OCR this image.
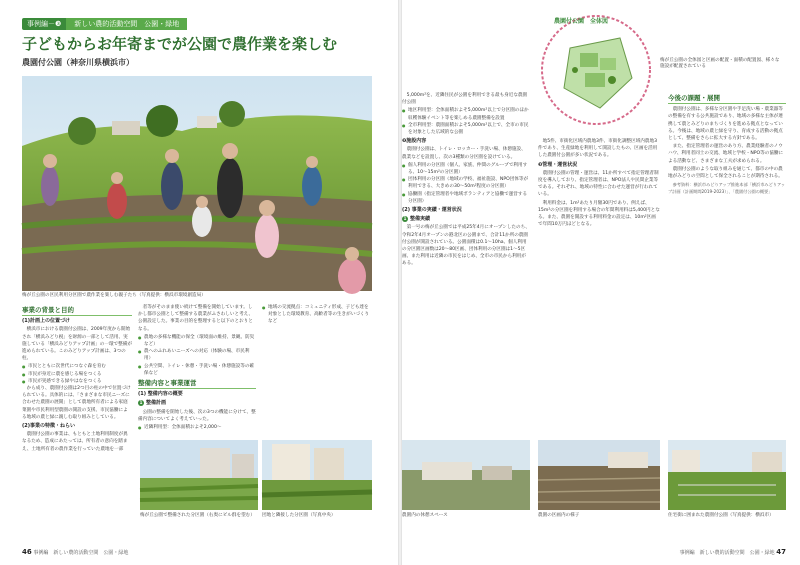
事例編－❸	新しい農的活動空間　公園・緑地
子どもからお年寄までが公園で農作業を楽しむ
農園付公園（神奈川県横浜市）
梅が丘公園の区民利用分区園で農作業を楽しむ親子たち（写真提供：横浜市環境創造局）
事業の背景と目的
(1)計画上の位置づけ

横浜市における農園付公園は、2009年度から開始され「横浜みどり税」を財源の一部として活用、実施している「横浜みどりアップ計画」の一環で整備が進められている。このみどりアップ計画は、3つの柱、

● 市民とともに次世代につなぐ森を育む
● 市民が身近に農を感じる場をつくる
● 市民が実感できる緑やはなをつくる

から成り、農園付公園は2つ目の柱の中で位置づけられている。具体的には、「さまざまな市民ニーズに合わせた農園の展開」として農地所有者による家庭菜園や市民利用型農園の開設の支援、市民協働による地域の農と緑に親しむ取り組みとしている。

(2)事業の特徴・ねらい

農園付公園の事業は、もともと土地利用制度が異なるため、造成にあたっては、所有者の意向を踏まえ、土地所有者の農作業を行っていた農地を一部

者等がそのまま使い続けて整備を開始しています。しかし都市公園として整備する農業がふさわしいと考え、公園設定した。事業の目的を整理すると以下のとおりとなる。

● 農地の多様な機能の保全（環境面の維持、景観、防災など）
● 農へのふれあいニーズへの対応（体験の場、市民利用）
● 公共空間、トイレ・休憩・手洗い場・休憩施設等の確保など
整備内容と事業運営
(1) 整備内容の概要
1 整備計画

公園の整備を開始した後、次の3つの機能に分けて、整備内容についてよく考えていった。

● 近隣利用型：全体面積およそ2,000～
● 地域の交流拠点：コミュニティ形成、子ども達を対象とした環境教育、高齢者等の生きがいづくりなど
梅が丘公園で整備された分区園（右奥にビル群を望む）	団地と隣接した分区園（写真中央）
46 事例編　新しい農的活動空間　公園・緑地
農園付公園　全体図
梅が丘公園の全体図と区画の配置・面積の配置図、様々な施設が配置されている

5,000m²を、近隣住民が公園を利用できる最も身近な農園付公園

● 地区利用型：全体面積およそ5,000m²以上で分区園のほか収穫体験イベント等を楽しめる農園整備を設置
● 全市利用型：農園面積およそ5,000m²以上で、全市の市民を対象とした広域的な公園
❷施設内容

農園付公園は、トイレ・ロッカー・手洗い場、休憩施設、農業などを設置し、次の3種類の分区園を設けている。

● 個人利用の分区園（個人、家族、仲間のグループで利用する、10～15m²の分区園）
● 団体利用の分区園（地域の学校、福祉施設、NPO団体等が利用できる、大きめの30～50m²程度の分区園）
● 協働園（指定管理者や地域ボランティアと協働で運営する分区園）
(2) 事業の実績・運営状況
1 整備実績

第一号の梅が丘公園では平成25年4月にオープンしたのち、令和2年4月オープンの港北区の公園まで、合計11か所の農園付公園が開設されている。公園面積は0.1～10ha、個人利用の分区園区画数は20～80区画、団体利用の分区園は1～5区画、また利用は近隣の市民をはじめ、全市の市民から利用がある。

地5件、市街化区域内農地3件、市街化調整区域内農地3件であり、生産緑地を利用して開設したもの、区画を活用した農園付公園が多い状況である。

❸管理・運営状況

農園付公園の管理・運営は、11か所すべて指定管理者制度を導入しており、指定管理者は、NPO法人や民間企業等である。それぞれ、地域の特性に合わせた運営が行われている。

利用料金は、1m²あたり月額30円であり、例えば、15m²の分区園を利用する場合の年間利用料は5,400円となる。また、農園を開設する利用料金の設定は、10m²区画で年間10万円ほどとなる。

今後の課題・展開

農園付公園は、多様な分区園や手足洗い場・農業器等の整備を有する公共施設であり、地域の多様な主体が連携して農とみどりのまちづくりを進める拠点となっている。今後は、地域の農と緑を守り、育成する活動の拠点として、整備をさらに拡大する方針である。

また、指定管理者の運営のあり方、農業経験者のノウハウ、利用者同士の交流、地域と学校・NPO等の協働による活動など、さまざまな工夫が求められる。

農園付公園のような取り組みを通じて、都市の中の農地がみどりの空間として保全されることが期待される。

参考資料：横浜市みどりアップ推進本部「横浜市みどりアップ計画（計画期間2019-2023）」、「農園付公園の概要」

農園内の休憩スペース	農園の区画内の様子	住宅街に囲まれた農園付公園（写真提供：横浜市）
事例編　新しい農的活動空間　公園・緑地 47
